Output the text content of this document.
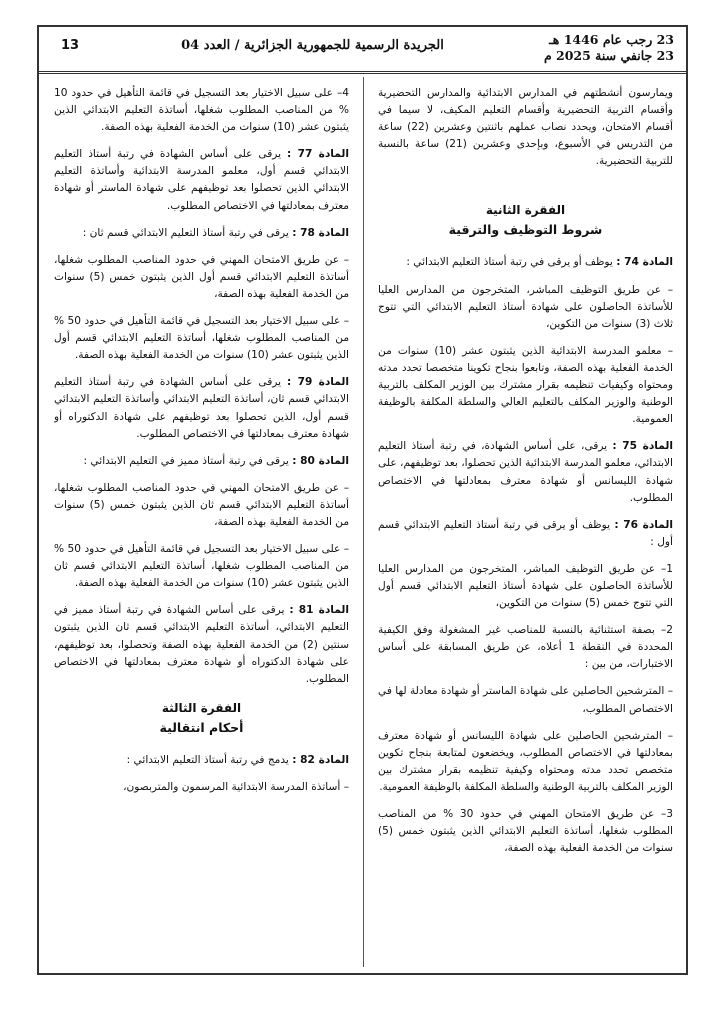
23 رجب عام 1446 هـ
23 جانفي سنة 2025 م
الجريدة الرسمية للجمهورية الجزائرية / العدد 04
13

ويمارسون أنشطتهم في المدارس الابتدائية والمدارس التحضيرية وأقسام التربية التحضيرية وأقسام التعليم المكيف، لا سيما في أقسام الامتحان، ويحدد نصاب عملهم باثنتين وعشرين (22) ساعة من التدريس في الأسبوع، وبإحدى وعشرين (21) ساعة بالنسبة للتربية التحضيرية.

الفقرة الثانية
شروط التوظيف والترقية

المادة 74 : يوظف أو يرقى في رتبة أستاذ التعليم الابتدائي :

– عن طريق التوظيف المباشر، المتخرجون من المدارس العليا للأساتذة الحاصلون على شهادة أستاذ التعليم الابتدائي التي تتوج ثلاث (3) سنوات من التكوين،

– معلمو المدرسة الابتدائية الذين يثبتون عشر (10) سنوات من الخدمة الفعلية بهذه الصفة، وتابعوا بنجاح تكوينا متخصصا تحدد مدته ومحتواه وكيفيات تنظيمه بقرار مشترك بين الوزير المكلف بالتربية الوطنية والوزير المكلف بالتعليم العالي والسلطة المكلفة بالوظيفة العمومية.

المادة 75 : يرقى، على أساس الشهادة، في رتبة أستاذ التعليم الابتدائي، معلمو المدرسة الابتدائية الذين تحصلوا، بعد توظيفهم، على شهادة الليسانس أو شهادة معترف بمعادلتها في الاختصاص المطلوب.

المادة 76 : يوظف أو يرقى في رتبة أستاذ التعليم الابتدائي قسم أول :

1– عن طريق التوظيف المباشر، المتخرجون من المدارس العليا للأساتذة الحاصلون على شهادة أستاذ التعليم الابتدائي قسم أول التي تتوج خمس (5) سنوات من التكوين،

2– بصفة استثنائية بالنسبة للمناصب غير المشغولة وفق الكيفية المحددة في النقطة 1 أعلاه، عن طريق المسابقة على أساس الاختبارات، من بين :

– المترشحين الحاصلين على شهادة الماستر أو شهادة معادلة لها في الاختصاص المطلوب،

– المترشحين الحاصلين على شهادة الليسانس أو شهادة معترف بمعادلتها في الاختصاص المطلوب، ويخضعون لمتابعة بنجاح تكوين متخصص تحدد مدته ومحتواه وكيفية تنظيمه بقرار مشترك بين الوزير المكلف بالتربية الوطنية والسلطة المكلفة بالوظيفة العمومية.

3– عن طريق الامتحان المهني في حدود 30 % من المناصب المطلوب شغلها، أساتذة التعليم الابتدائي الذين يثبتون خمس (5) سنوات من الخدمة الفعلية بهذه الصفة،

4– على سبيل الاختيار بعد التسجيل في قائمة التأهيل في حدود 10 % من المناصب المطلوب شغلها، أساتذة التعليم الابتدائي الذين يثبتون عشر (10) سنوات من الخدمة الفعلية بهذه الصفة.

المادة 77 : يرقى على أساس الشهادة في رتبة أستاذ التعليم الابتدائي قسم أول، معلمو المدرسة الابتدائية وأساتذة التعليم الابتدائي الذين تحصلوا بعد توظيفهم على شهادة الماستر أو شهادة معترف بمعادلتها في الاختصاص المطلوب.

المادة 78 : يرقى في رتبة أستاذ التعليم الابتدائي قسم ثان :

– عن طريق الامتحان المهني في حدود المناصب المطلوب شغلها، أساتذة التعليم الابتدائي قسم أول الذين يثبتون خمس (5) سنوات من الخدمة الفعلية بهذه الصفة،

– على سبيل الاختيار بعد التسجيل في قائمة التأهيل في حدود 50 % من المناصب المطلوب شغلها، أساتذة التعليم الابتدائي قسم أول الذين يثبتون عشر (10) سنوات من الخدمة الفعلية بهذه الصفة.

المادة 79 : يرقى على أساس الشهادة في رتبة أستاذ التعليم الابتدائي قسم ثان، أساتذة التعليم الابتدائي وأساتذة التعليم الابتدائي قسم أول، الذين تحصلوا بعد توظيفهم على شهادة الدكتوراه أو شهادة معترف بمعادلتها في الاختصاص المطلوب.

المادة 80 : يرقى في رتبة أستاذ مميز في التعليم الابتدائي :

– عن طريق الامتحان المهني في حدود المناصب المطلوب شغلها، أساتذة التعليم الابتدائي قسم ثان الذين يثبتون خمس (5) سنوات من الخدمة الفعلية بهذه الصفة،

– على سبيل الاختيار بعد التسجيل في قائمة التأهيل في حدود 50 % من المناصب المطلوب شغلها، أساتذة التعليم الابتدائي قسم ثان الذين يثبتون عشر (10) سنوات من الخدمة الفعلية بهذه الصفة.

المادة 81 : يرقى على أساس الشهادة في رتبة أستاذ مميز في التعليم الابتدائي، أساتذة التعليم الابتدائي قسم ثان الذين يثبتون سنتين (2) من الخدمة الفعلية بهذه الصفة وتحصلوا، بعد توظيفهم، على شهادة الدكتوراه أو شهادة معترف بمعادلتها في الاختصاص المطلوب.

الفقرة الثالثة
أحكام انتقالية

المادة 82 : يدمج في رتبة أستاذ التعليم الابتدائي :

– أساتذة المدرسة الابتدائية المرسمون والمتربصون،
